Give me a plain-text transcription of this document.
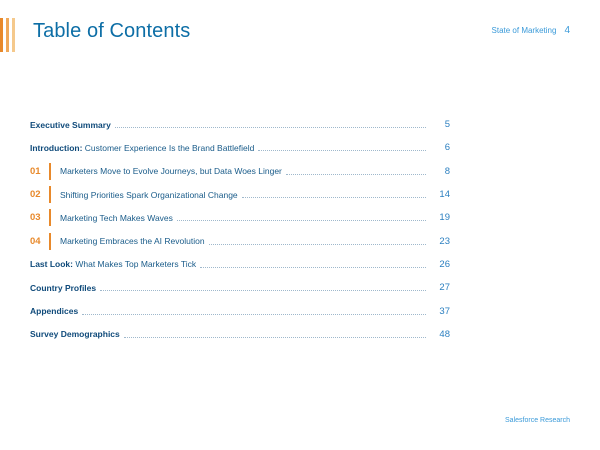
Table of Contents	State of Marketing 4
Executive Summary	5
Introduction: Customer Experience Is the Brand Battlefield	6
01	Marketers Move to Evolve Journeys, but Data Woes Linger	8
02	Shifting Priorities Spark Organizational Change	14
03	Marketing Tech Makes Waves	19
04	Marketing Embraces the AI Revolution	23
Last Look: What Makes Top Marketers Tick	26
Country Profiles	27
Appendices	37
Survey Demographics	48
Salesforce Research
